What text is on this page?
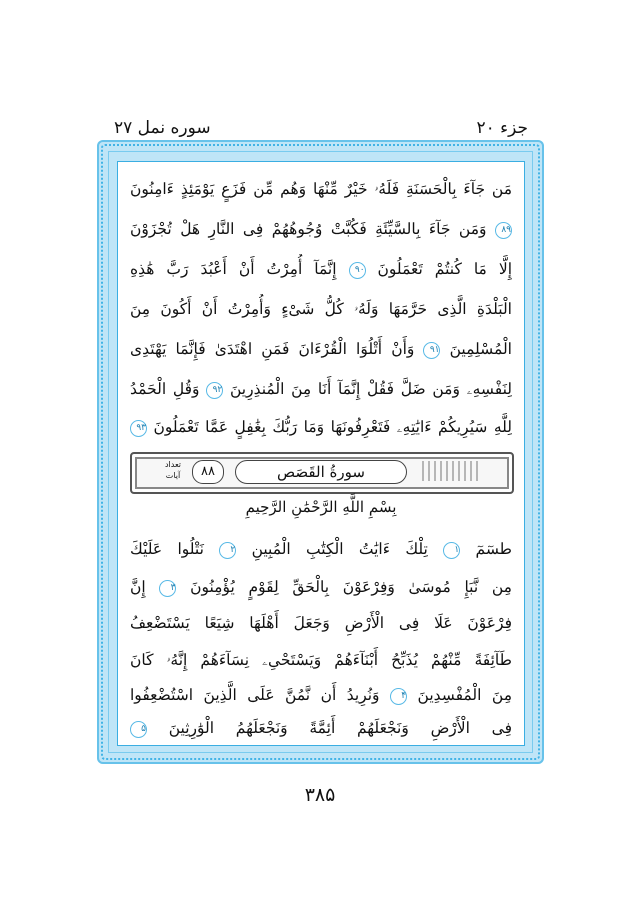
جزء ۲۰
سوره نمل ۲۷
مَن جَآءَ بِالْحَسَنَةِ فَلَهُۥ خَيْرٌ مِّنْهَا وَهُم مِّن فَزَعٍ يَوْمَئِذٍ ءَامِنُونَ
۸۹ وَمَن جَآءَ بِالسَّيِّئَةِ فَكُبَّتْ وُجُوهُهُمْ فِى النَّارِ هَلْ تُجْزَوْنَ
إِلَّا مَا كُنتُمْ تَعْمَلُونَ ۹۰ إِنَّمَآ أُمِرْتُ أَنْ أَعْبُدَ رَبَّ هَٰذِهِ
الْبَلْدَةِ الَّذِى حَرَّمَهَا وَلَهُۥ كُلُّ شَىْءٍ وَأُمِرْتُ أَنْ أَكُونَ مِنَ
الْمُسْلِمِينَ ۹۱ وَأَنْ أَتْلُوَا الْقُرْءَانَ فَمَنِ اهْتَدَىٰ فَإِنَّمَا يَهْتَدِى
لِنَفْسِهِۦ وَمَن ضَلَّ فَقُلْ إِنَّمَآ أَنَا مِنَ الْمُنذِرِينَ ۹۲ وَقُلِ الْحَمْدُ
لِلَّهِ سَيُرِيكُمْ ءَايَٰتِهِۦ فَتَعْرِفُونَهَا وَمَا رَبُّكَ بِغَٰفِلٍ عَمَّا تَعْمَلُونَ ۹۳
تعداد آيات	۸۸	سورةُ القَصَص
بِسْمِ اللَّهِ الرَّحْمَٰنِ الرَّحِيمِ
طسٓمٓ ۱ تِلْكَ ءَايَٰتُ الْكِتَٰبِ الْمُبِينِ ۲ نَتْلُوا عَلَيْكَ
مِن نَّبَإِ مُوسَىٰ وَفِرْعَوْنَ بِالْحَقِّ لِقَوْمٍ يُؤْمِنُونَ ۳ إِنَّ
فِرْعَوْنَ عَلَا فِى الْأَرْضِ وَجَعَلَ أَهْلَهَا شِيَعًا يَسْتَضْعِفُ
طَآئِفَةً مِّنْهُمْ يُذَبِّحُ أَبْنَآءَهُمْ وَيَسْتَحْىِۦ نِسَآءَهُمْ إِنَّهُۥ كَانَ
مِنَ الْمُفْسِدِينَ ۴ وَنُرِيدُ أَن نَّمُنَّ عَلَى الَّذِينَ اسْتُضْعِفُوا
فِى الْأَرْضِ وَنَجْعَلَهُمْ أَئِمَّةً وَنَجْعَلَهُمُ الْوَٰرِثِينَ ۵
۳۸۵
